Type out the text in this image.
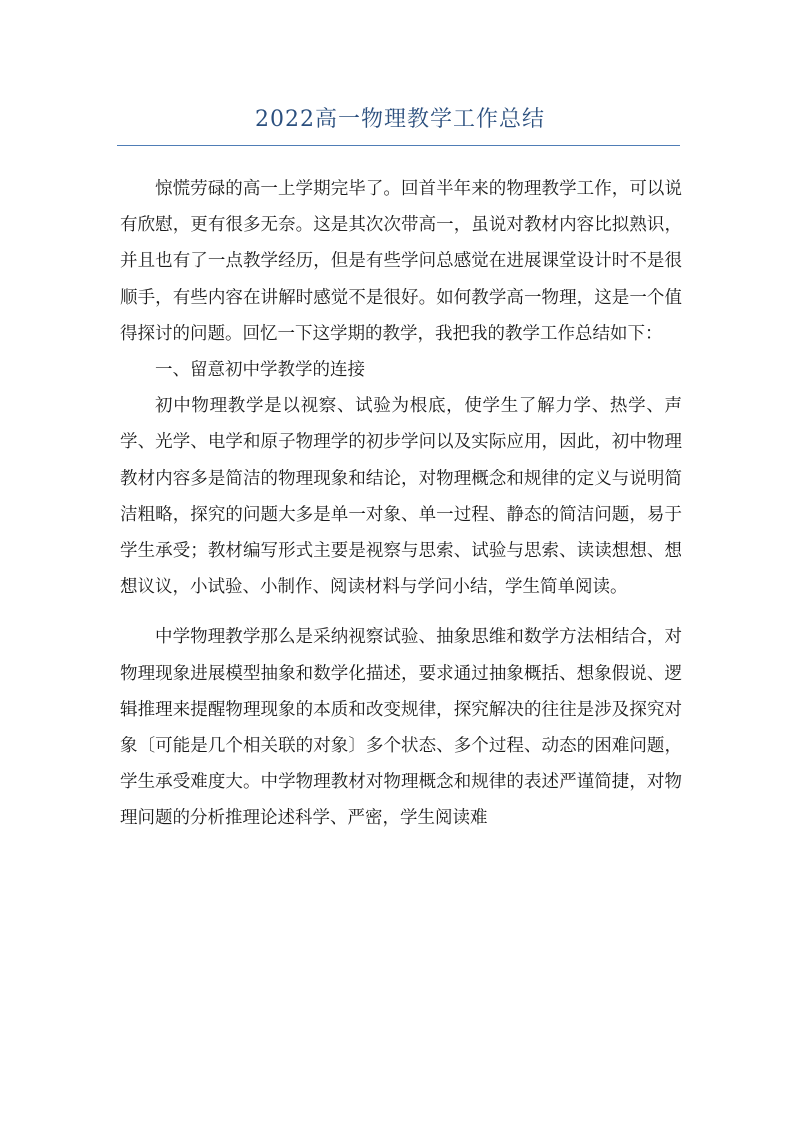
2022高一物理教学工作总结

惊慌劳碌的高一上学期完毕了。回首半年来的物理教学工作，可以说有欣慰，更有很多无奈。这是其次次带高一，虽说对教材内容比拟熟识，并且也有了一点教学经历，但是有些学问总感觉在进展课堂设计时不是很顺手，有些内容在讲解时感觉不是很好。如何教学高一物理，这是一个值得探讨的问题。回忆一下这学期的教学，我把我的教学工作总结如下：

一、留意初中学教学的连接

初中物理教学是以视察、试验为根底，使学生了解力学、热学、声学、光学、电学和原子物理学的初步学问以及实际应用，因此，初中物理教材内容多是简洁的物理现象和结论，对物理概念和规律的定义与说明简洁粗略，探究的问题大多是单一对象、单一过程、静态的简洁问题，易于学生承受；教材编写形式主要是视察与思索、试验与思索、读读想想、想想议议，小试验、小制作、阅读材料与学问小结，学生简单阅读。

中学物理教学那么是采纳视察试验、抽象思维和数学方法相结合，对物理现象进展模型抽象和数学化描述，要求通过抽象概括、想象假说、逻辑推理来提醒物理现象的本质和改变规律，探究解决的往往是涉及探究对象〔可能是几个相关联的对象〕多个状态、多个过程、动态的困难问题，学生承受难度大。中学物理教材对物理概念和规律的表述严谨简捷，对物理问题的分析推理论述科学、严密，学生阅读难
